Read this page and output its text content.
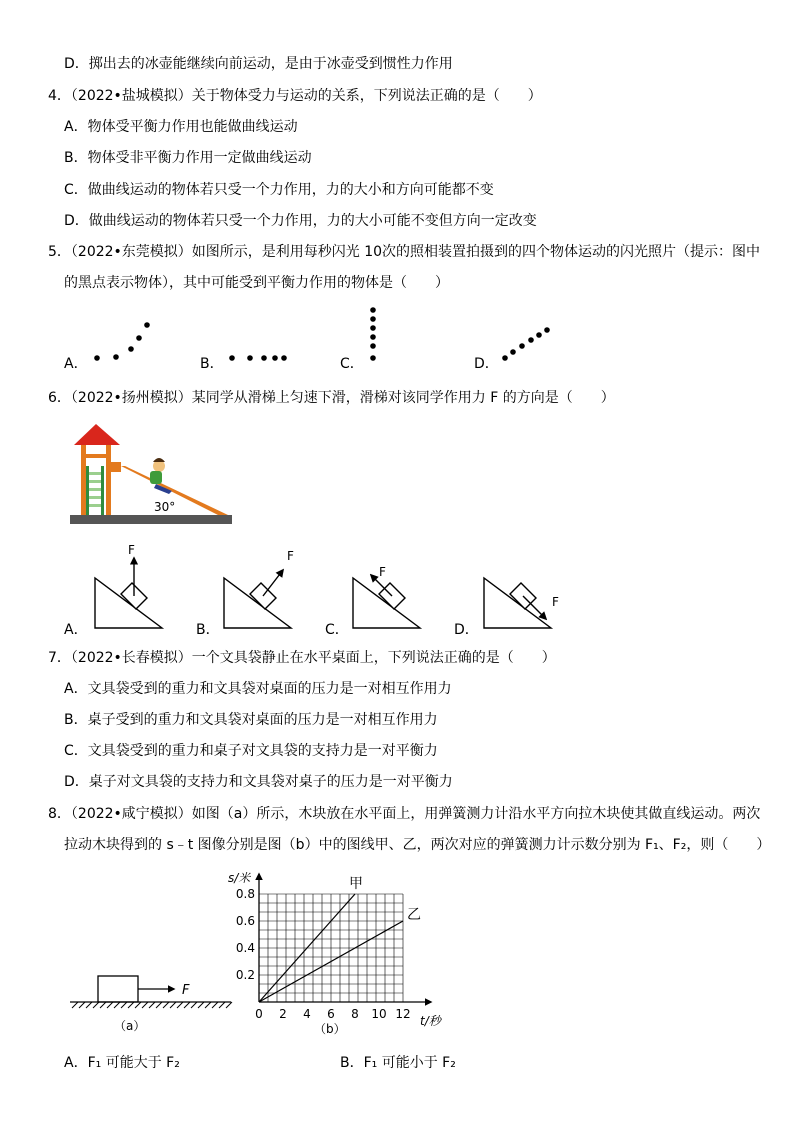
D．掷出去的冰壶能继续向前运动，是由于冰壶受到惯性力作用
4．（2022•盐城模拟）关于物体受力与运动的关系，下列说法正确的是（　　）
A．物体受平衡力作用也能做曲线运动
B．物体受非平衡力作用一定做曲线运动
C．做曲线运动的物体若只受一个力作用，力的大小和方向可能都不变
D．做曲线运动的物体若只受一个力作用，力的大小可能不变但方向一定改变
5．（2022•东莞模拟）如图所示，是利用每秒闪光 10次的照相装置拍摄到的四个物体运动的闪光照片（提示：图中
的黑点表示物体），其中可能受到平衡力作用的物体是（　　）
A．	B．	C．	D．
6．（2022•扬州模拟）某同学从滑梯上匀速下滑，滑梯对该同学作用力 F 的方向是（　　）
30°
A．	B．	C．	D．
F	F
F
F
7．（2022•长春模拟）一个文具袋静止在水平桌面上，下列说法正确的是（　　）
A．文具袋受到的重力和文具袋对桌面的压力是一对相互作用力
B．桌子受到的重力和文具袋对桌面的压力是一对相互作用力
C．文具袋受到的重力和桌子对文具袋的支持力是一对平衡力
D．桌子对文具袋的支持力和文具袋对桌子的压力是一对平衡力
8．（2022•咸宁模拟）如图（a）所示，木块放在水平面上，用弹簧测力计沿水平方向拉木块使其做直线运动。两次
拉动木块得到的 s﹣t 图像分别是图（b）中的图线甲、乙，两次对应的弹簧测力计示数分别为 F₁、F₂，则（　　）
F
（a）
甲
乙
0 2 4 6 8 10 12
0.2
0.4
0.6
0.8
s/米
t/秒
（b）
A．F₁ 可能大于 F₂	B．F₁ 可能小于 F₂
